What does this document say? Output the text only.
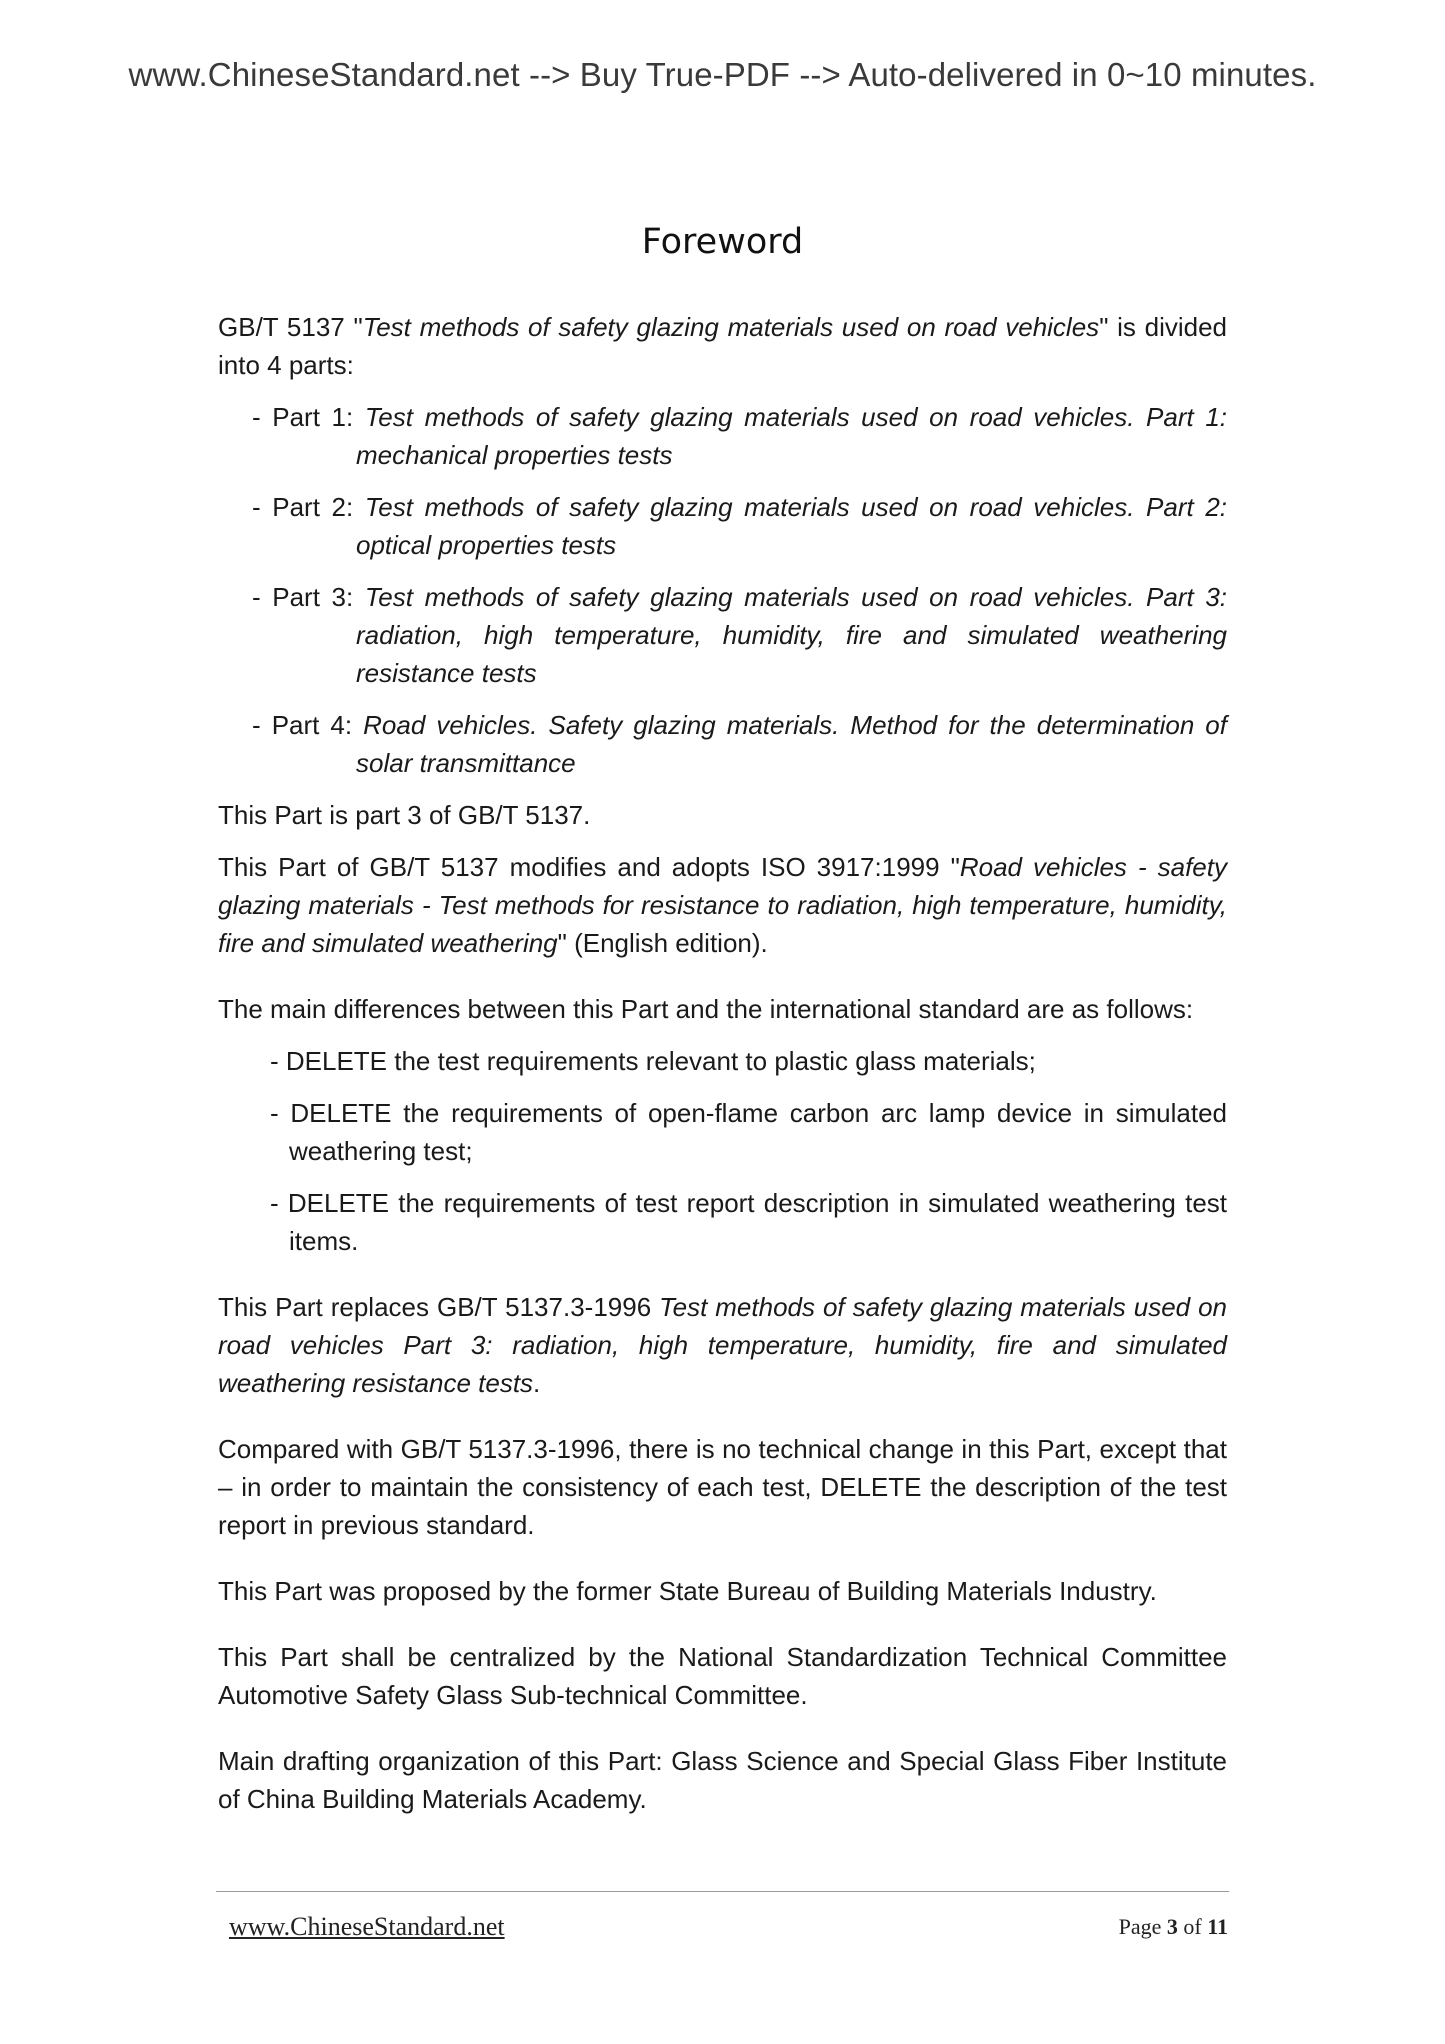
www.ChineseStandard.net --> Buy True-PDF --> Auto-delivered in 0~10 minutes.
Foreword

GB/T 5137 "Test methods of safety glazing materials used on road vehicles" is divided into 4 parts:

- Part 1: Test methods of safety glazing materials used on road vehicles. Part 1: mechanical properties tests
- Part 2: Test methods of safety glazing materials used on road vehicles. Part 2: optical properties tests
- Part 3: Test methods of safety glazing materials used on road vehicles. Part 3: radiation, high temperature, humidity, fire and simulated weathering resistance tests
- Part 4: Road vehicles. Safety glazing materials. Method for the determination of solar transmittance

This Part is part 3 of GB/T 5137.

This Part of GB/T 5137 modifies and adopts ISO 3917:1999 "Road vehicles - safety glazing materials - Test methods for resistance to radiation, high temperature, humidity, fire and simulated weathering" (English edition).

The main differences between this Part and the international standard are as follows:

- DELETE the test requirements relevant to plastic glass materials;
- DELETE the requirements of open-flame carbon arc lamp device in simulated weathering test;
- DELETE the requirements of test report description in simulated weathering test items.

This Part replaces GB/T 5137.3-1996 Test methods of safety glazing materials used on road vehicles Part 3: radiation, high temperature, humidity, fire and simulated weathering resistance tests.

Compared with GB/T 5137.3-1996, there is no technical change in this Part, except that – in order to maintain the consistency of each test, DELETE the description of the test report in previous standard.

This Part was proposed by the former State Bureau of Building Materials Industry.

This Part shall be centralized by the National Standardization Technical Committee Automotive Safety Glass Sub-technical Committee.

Main drafting organization of this Part: Glass Science and Special Glass Fiber Institute of China Building Materials Academy.

www.ChineseStandard.net	Page 3 of 11
